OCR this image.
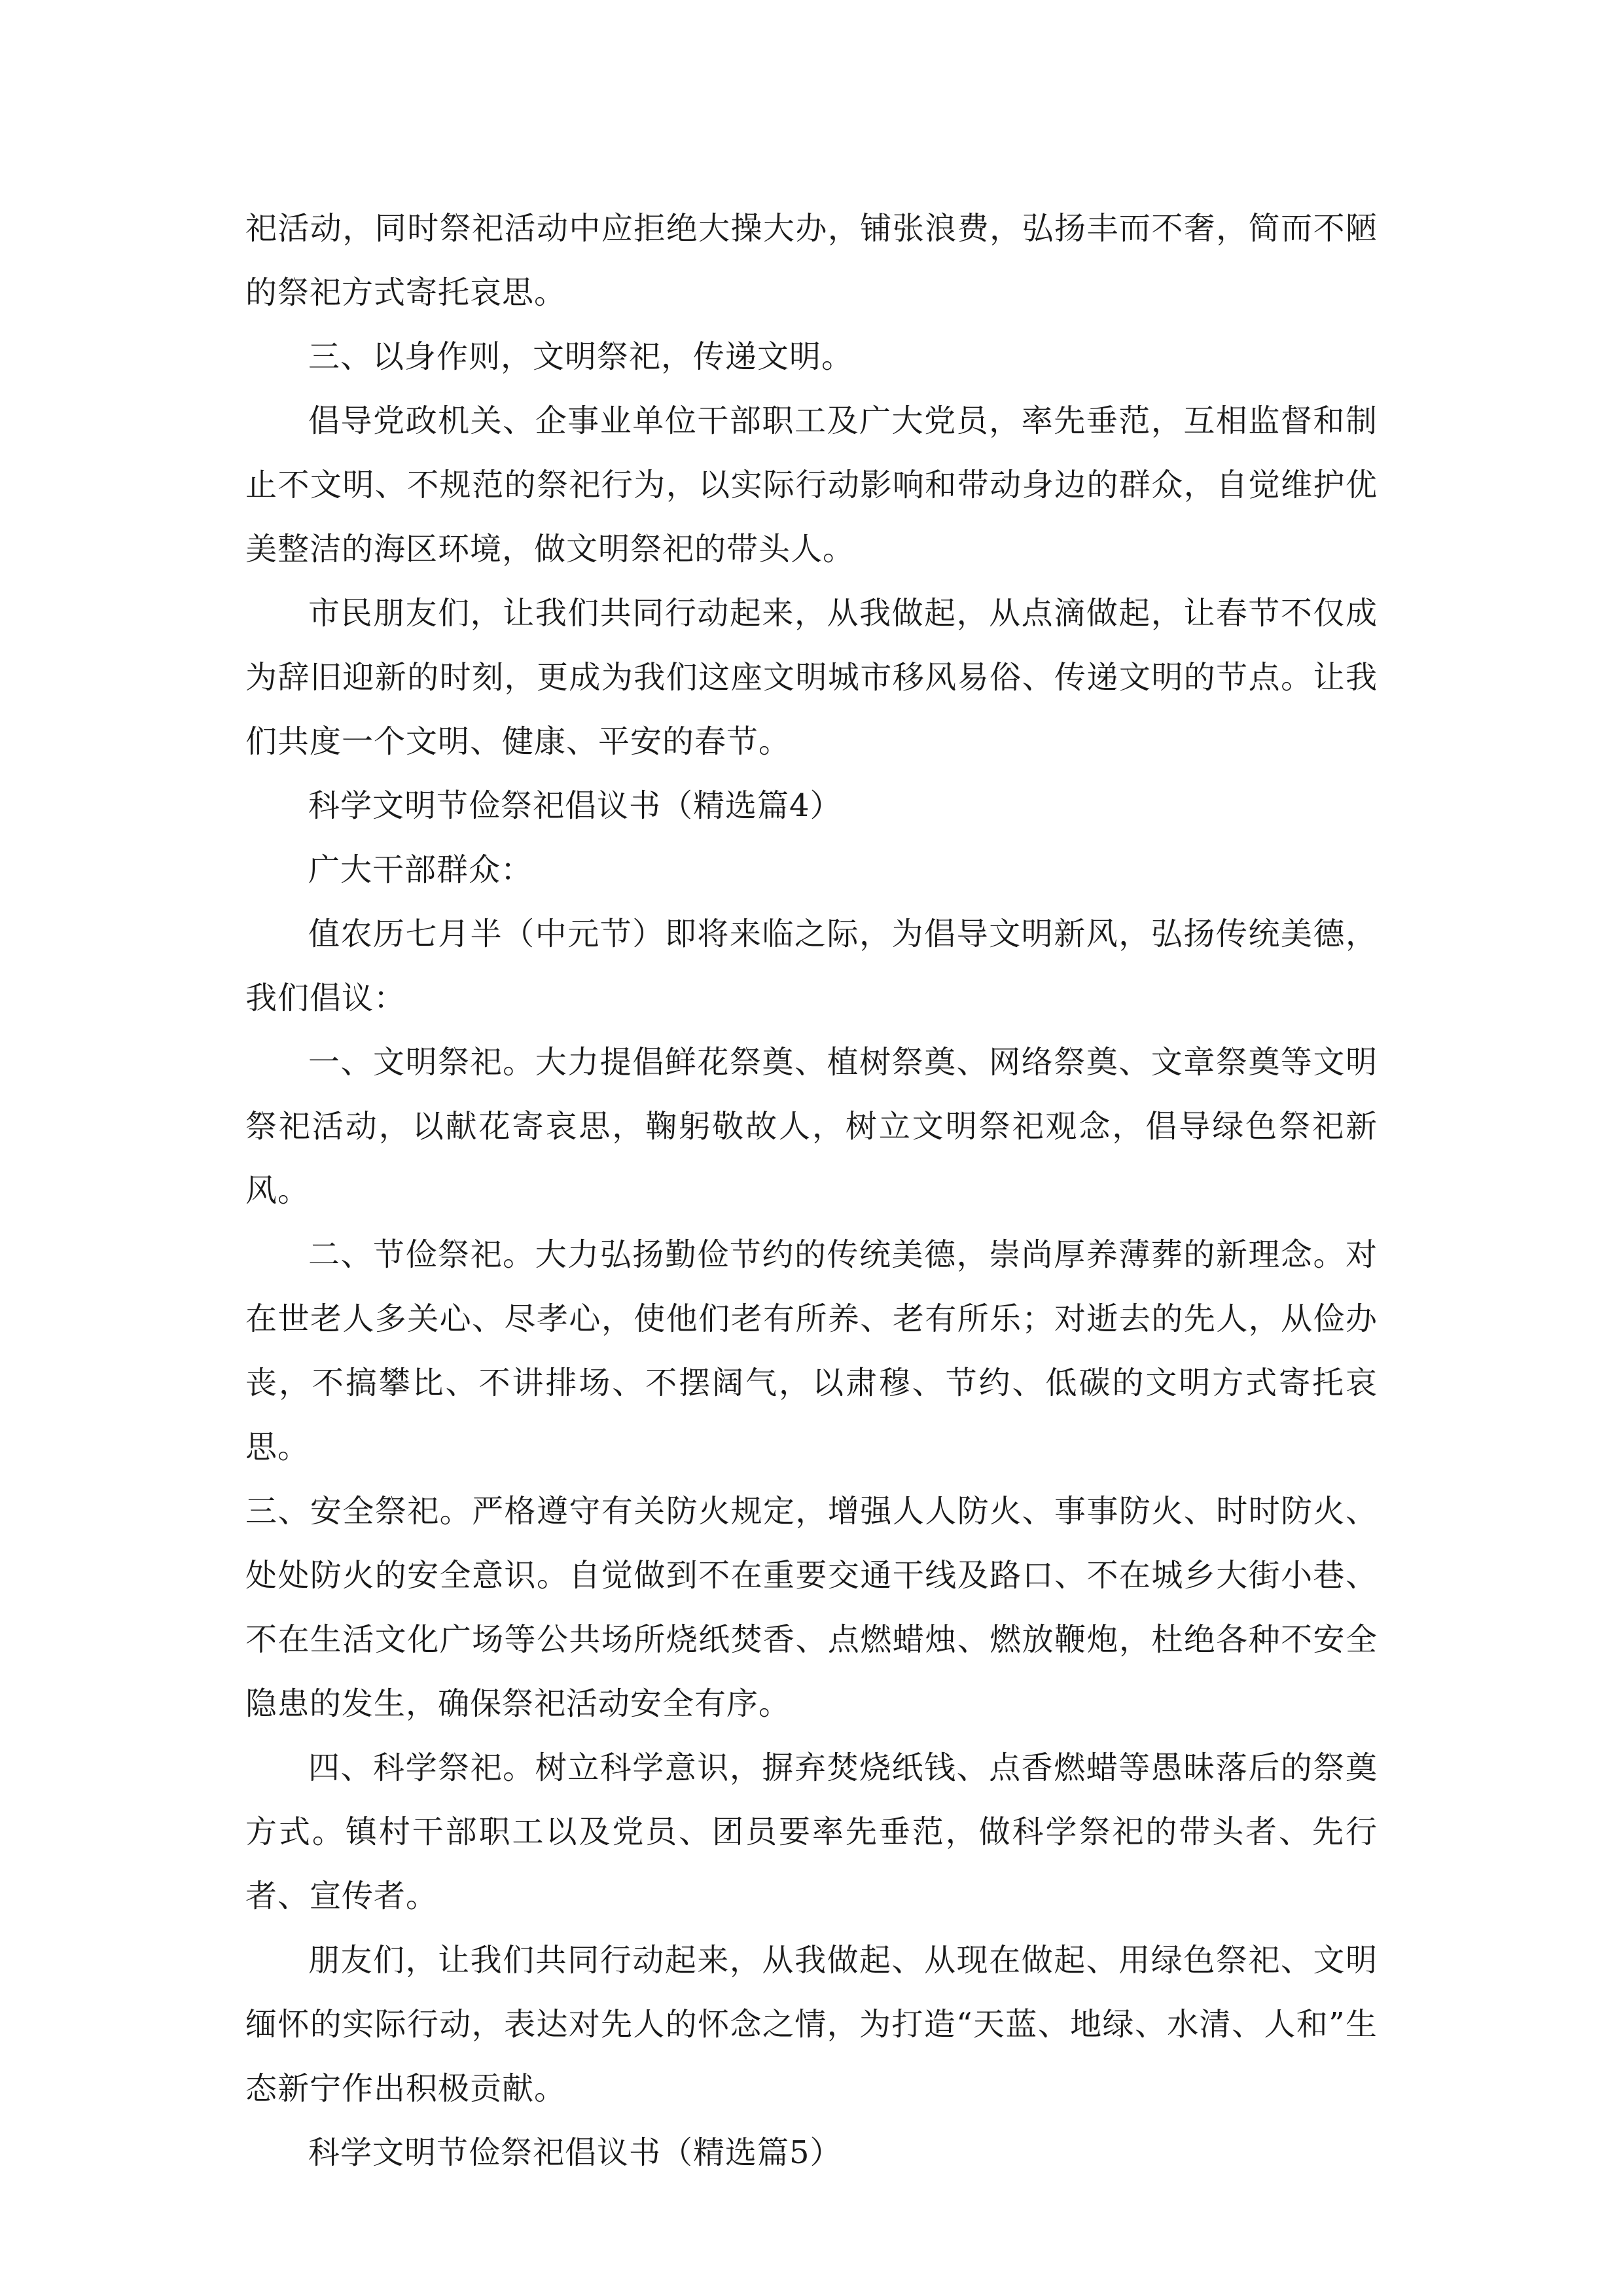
祀活动，同时祭祀活动中应拒绝大操大办，铺张浪费，弘扬丰而不奢，简而不陋的祭祀方式寄托哀思。

三、以身作则，文明祭祀，传递文明。

倡导党政机关、企事业单位干部职工及广大党员，率先垂范，互相监督和制止不文明、不规范的祭祀行为，以实际行动影响和带动身边的群众，自觉维护优美整洁的海区环境，做文明祭祀的带头人。

市民朋友们，让我们共同行动起来，从我做起，从点滴做起，让春节不仅成为辞旧迎新的时刻，更成为我们这座文明城市移风易俗、传递文明的节点。让我们共度一个文明、健康、平安的春节。

科学文明节俭祭祀倡议书（精选篇4）

广大干部群众：

值农历七月半（中元节）即将来临之际，为倡导文明新风，弘扬传统美德，我们倡议：

一、文明祭祀。大力提倡鲜花祭奠、植树祭奠、网络祭奠、文章祭奠等文明祭祀活动，以献花寄哀思，鞠躬敬故人，树立文明祭祀观念，倡导绿色祭祀新风。

二、节俭祭祀。大力弘扬勤俭节约的传统美德，崇尚厚养薄葬的新理念。对在世老人多关心、尽孝心，使他们老有所养、老有所乐；对逝去的先人，从俭办丧，不搞攀比、不讲排场、不摆阔气，以肃穆、节约、低碳的文明方式寄托哀思。

三、安全祭祀。严格遵守有关防火规定，增强人人防火、事事防火、时时防火、处处防火的安全意识。自觉做到不在重要交通干线及路口、不在城乡大街小巷、不在生活文化广场等公共场所烧纸焚香、点燃蜡烛、燃放鞭炮，杜绝各种不安全隐患的发生，确保祭祀活动安全有序。

四、科学祭祀。树立科学意识，摒弃焚烧纸钱、点香燃蜡等愚昧落后的祭奠方式。镇村干部职工以及党员、团员要率先垂范，做科学祭祀的带头者、先行者、宣传者。

朋友们，让我们共同行动起来，从我做起、从现在做起、用绿色祭祀、文明缅怀的实际行动，表达对先人的怀念之情，为打造“天蓝、地绿、水清、人和”生态新宁作出积极贡献。

科学文明节俭祭祀倡议书（精选篇5）
